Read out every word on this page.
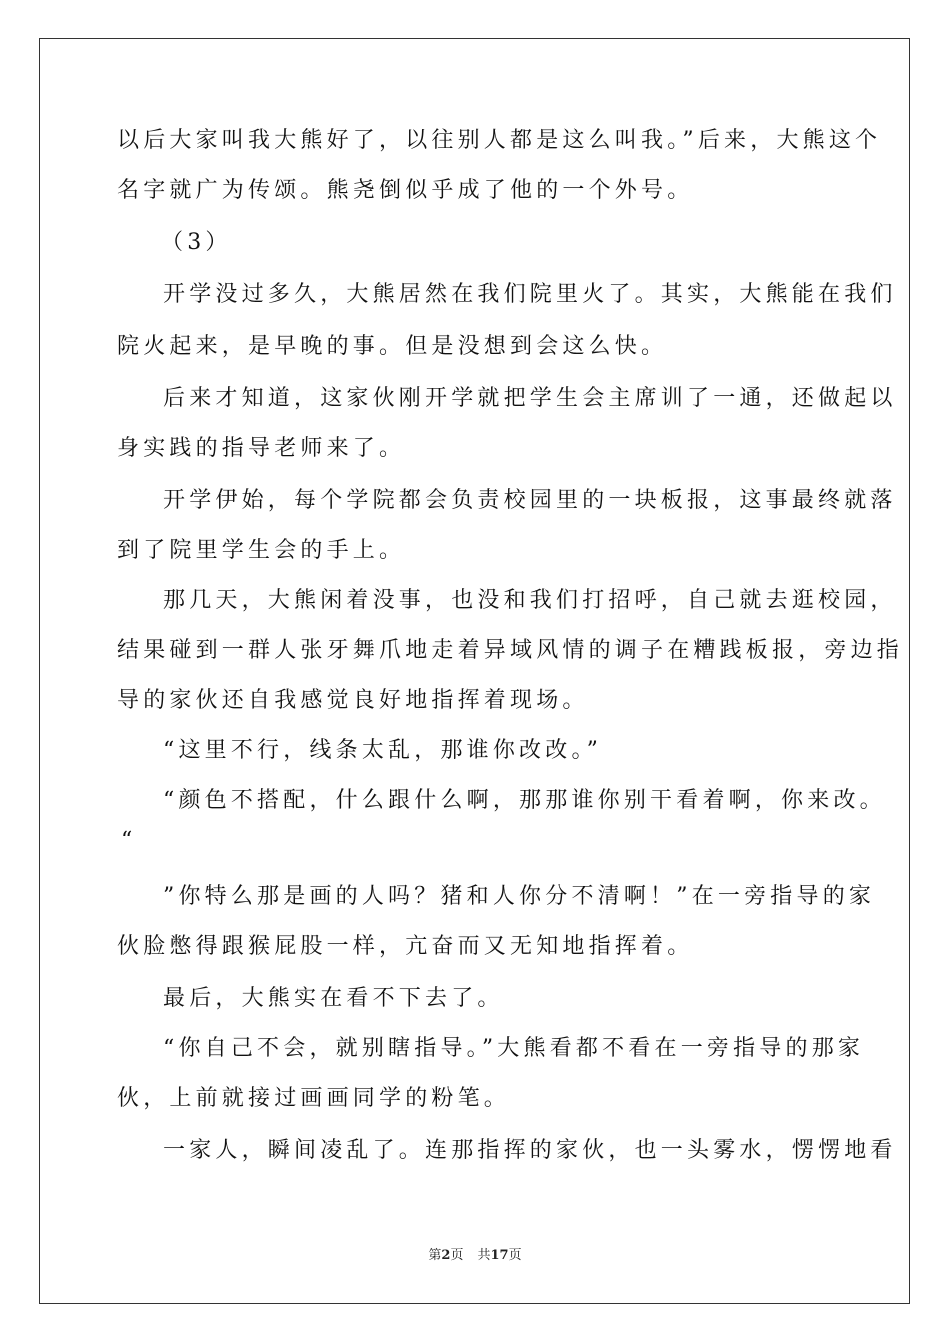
以后大家叫我大熊好了，以往别人都是这么叫我。”后来，大熊这个
名字就广为传颂。熊尧倒似乎成了他的一个外号。
（3）
开学没过多久，大熊居然在我们院里火了。其实，大熊能在我们
院火起来，是早晚的事。但是没想到会这么快。
后来才知道，这家伙刚开学就把学生会主席训了一通，还做起以
身实践的指导老师来了。
开学伊始，每个学院都会负责校园里的一块板报，这事最终就落
到了院里学生会的手上。
那几天，大熊闲着没事，也没和我们打招呼，自己就去逛校园，
结果碰到一群人张牙舞爪地走着异域风情的调子在糟践板报，旁边指
导的家伙还自我感觉良好地指挥着现场。
“这里不行，线条太乱，那谁你改改。”
“颜色不搭配，什么跟什么啊，那那谁你别干看着啊，你来改。
“
”你特么那是画的人吗？猪和人你分不清啊！”在一旁指导的家
伙脸憋得跟猴屁股一样，亢奋而又无知地指挥着。
最后，大熊实在看不下去了。
“你自己不会，就别瞎指导。”大熊看都不看在一旁指导的那家
伙，上前就接过画画同学的粉笔。
一家人，瞬间凌乱了。连那指挥的家伙，也一头雾水，愣愣地看
第2页 共17页
